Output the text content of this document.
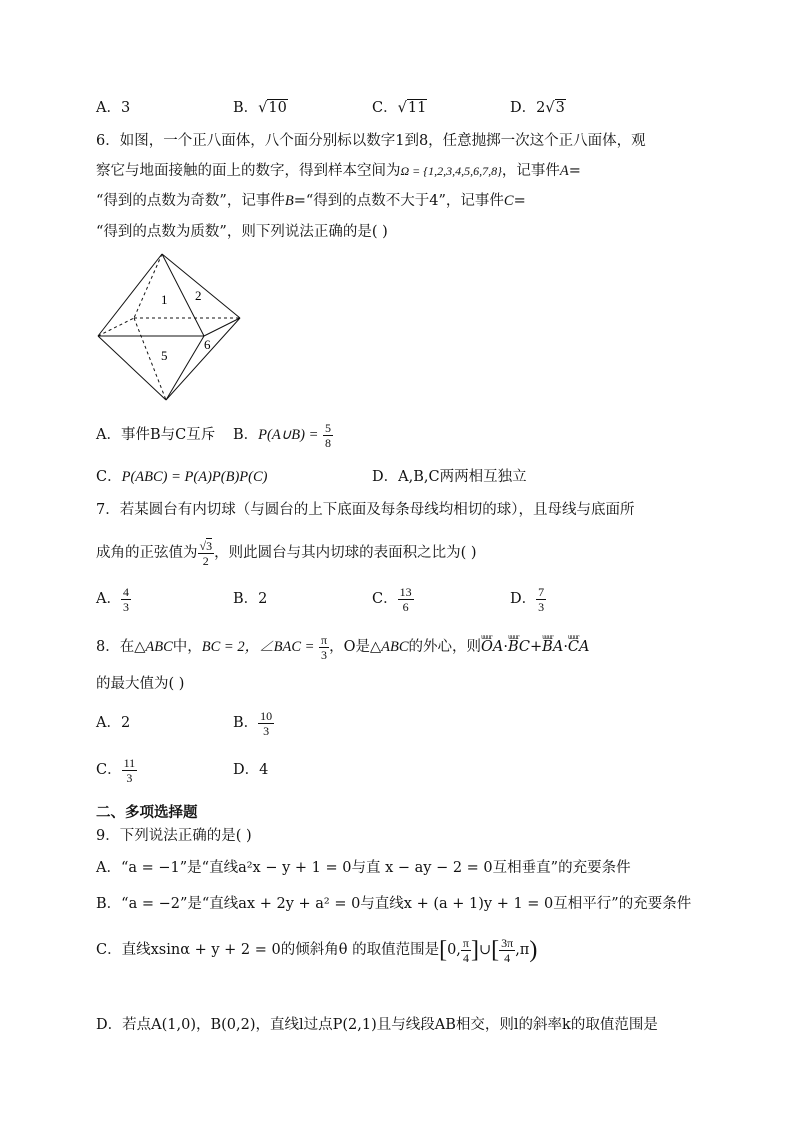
A．3	B．√10	C．√11	D．2√3
6．如图，一个正八面体，八个面分别标以数字1到8，任意抛掷一次这个正八面体，观
察它与地面接触的面上的数字，得到样本空间为Ω = {1,2,3,4,5,6,7,8}，记事件A=
“得到的点数为奇数”，记事件B=“得到的点数不大于4”，记事件C=
“得到的点数为质数”，则下列说法正确的是( )
1 2
5
6
A．事件B与C互斥 B．P(A∪B) = $\frac{5}{8}$
C．P(ABC) = P(A)P(B)P(C)	D．A,B,C两两相互独立
7．若某圆台有内切球（与圆台的上下底面及每条母线均相切的球），且母线与底面所
成角的正弦值为 $\frac{√3}{2}$ ，则此圆台与其内切球的表面积之比为( )
A． $\frac{4}{3}$	B．2	C． $\frac{13}{6}$	D． $\frac{7}{3}$
8．在△ABC中，BC = 2，∠BAC = $\frac{\pi}{3}$ ，O是△ABC的外心，则uuur OA·uuur BC+uuur BA·uuur CA
的最大值为( )
A．2	B． $\frac{10}{3}$
C． $\frac{11}{3}$	D．4
二、多项选择题
9．下列说法正确的是( )
A．“a = −1”是“直线a²x − y + 1 = 0与直 x − ay − 2 = 0互相垂直”的充要条件
B．“a = −2”是“直线ax + 2y + a² = 0与直线x + (a + 1)y + 1 = 0互相平行”的充要条件
C．直线xsinα + y + 2 = 0的倾斜角θ 的取值范围是[0, $\frac{\pi}{4}$ ]∪[ $\frac{3\pi}{4} ,\pi$)
D．若点A(1,0)，B(0,2)，直线l过点P(2,1)且与线段AB相交，则l的斜率k的取值范围是
